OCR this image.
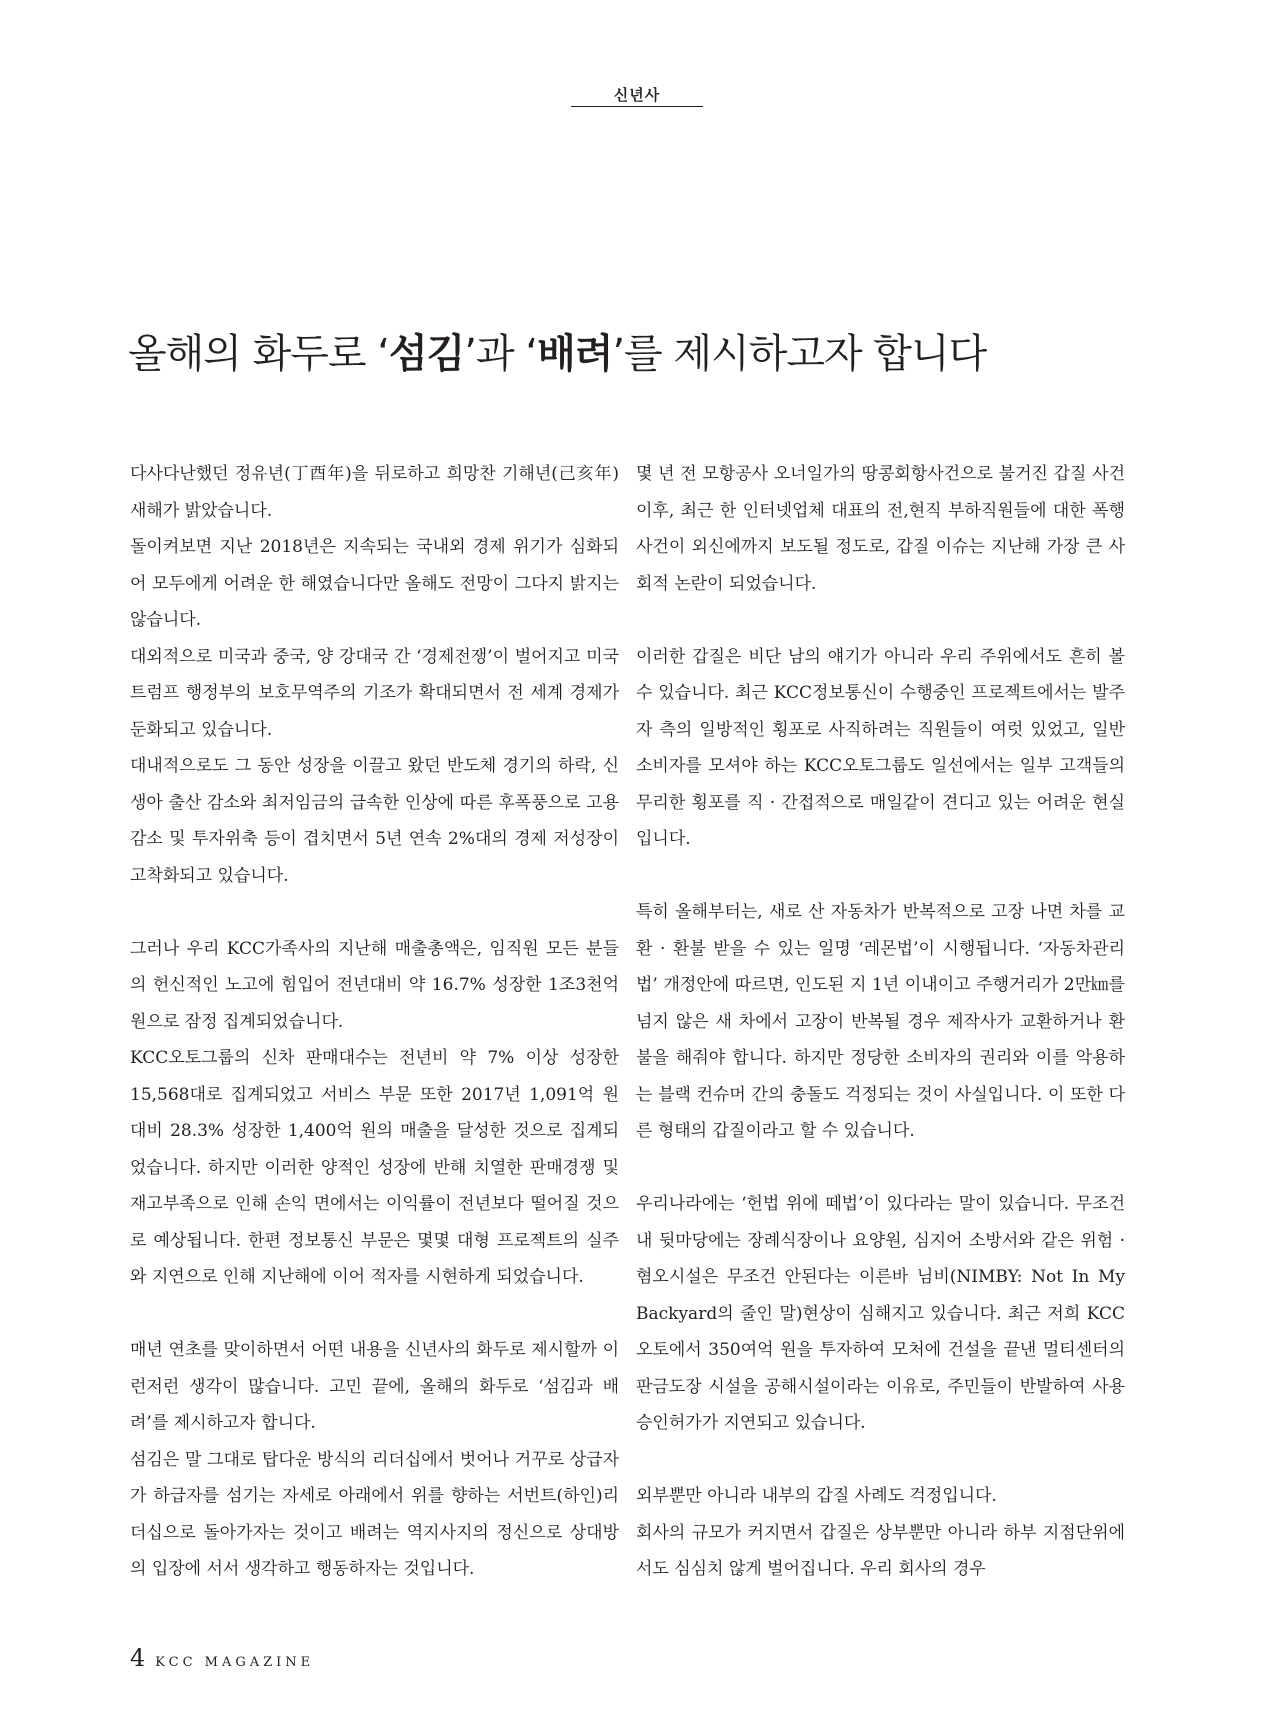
신년사
올해의 화두로 ‘섬김’과 ‘배려’를 제시하고자 합니다

다사다난했던 정유년(丁酉年)을 뒤로하고 희망찬 기해년(己亥年) 새해가 밝았습니다.

돌이켜보면 지난 2018년은 지속되는 국내외 경제 위기가 심화되어 모두에게 어려운 한 해였습니다만 올해도 전망이 그다지 밝지는 않습니다.

대외적으로 미국과 중국, 양 강대국 간 ‘경제전쟁’이 벌어지고 미국 트럼프 행정부의 보호무역주의 기조가 확대되면서 전 세계 경제가 둔화되고 있습니다.

대내적으로도 그 동안 성장을 이끌고 왔던 반도체 경기의 하락, 신생아 출산 감소와 최저임금의 급속한 인상에 따른 후폭풍으로 고용감소 및 투자위축 등이 겹치면서 5년 연속 2%대의 경제 저성장이 고착화되고 있습니다.

그러나 우리 KCC가족사의 지난해 매출총액은, 임직원 모든 분들의 헌신적인 노고에 힘입어 전년대비 약 16.7% 성장한 1조3천억원으로 잠정 집계되었습니다.

KCC오토그룹의 신차 판매대수는 전년비 약 7% 이상 성장한 15,568대로 집계되었고 서비스 부문 또한 2017년 1,091억 원 대비 28.3% 성장한 1,400억 원의 매출을 달성한 것으로 집계되었습니다. 하지만 이러한 양적인 성장에 반해 치열한 판매경쟁 및 재고부족으로 인해 손익 면에서는 이익률이 전년보다 떨어질 것으로 예상됩니다. 한편 정보통신 부문은 몇몇 대형 프로젝트의 실주와 지연으로 인해 지난해에 이어 적자를 시현하게 되었습니다.

매년 연초를 맞이하면서 어떤 내용을 신년사의 화두로 제시할까 이런저런 생각이 많습니다. 고민 끝에, 올해의 화두로 ‘섬김과 배려’를 제시하고자 합니다.

섬김은 말 그대로 탑다운 방식의 리더십에서 벗어나 거꾸로 상급자가 하급자를 섬기는 자세로 아래에서 위를 향하는 서번트(하인)리더십으로 돌아가자는 것이고 배려는 역지사지의 정신으로 상대방의 입장에 서서 생각하고 행동하자는 것입니다.

몇 년 전 모항공사 오너일가의 땅콩회항사건으로 불거진 갑질 사건 이후, 최근 한 인터넷업체 대표의 전,현직 부하직원들에 대한 폭행 사건이 외신에까지 보도될 정도로, 갑질 이슈는 지난해 가장 큰 사회적 논란이 되었습니다.

이러한 갑질은 비단 남의 얘기가 아니라 우리 주위에서도 흔히 볼 수 있습니다. 최근 KCC정보통신이 수행중인 프로젝트에서는 발주자 측의 일방적인 횡포로 사직하려는 직원들이 여럿 있었고, 일반 소비자를 모셔야 하는 KCC오토그룹도 일선에서는 일부 고객들의 무리한 횡포를 직 · 간접적으로 매일같이 견디고 있는 어려운 현실입니다.

특히 올해부터는, 새로 산 자동차가 반복적으로 고장 나면 차를 교환 · 환불 받을 수 있는 일명 ‘레몬법’이 시행됩니다. ‘자동차관리법’ 개정안에 따르면, 인도된 지 1년 이내이고 주행거리가 2만㎞를 넘지 않은 새 차에서 고장이 반복될 경우 제작사가 교환하거나 환불을 해줘야 합니다. 하지만 정당한 소비자의 권리와 이를 악용하는 블랙 컨슈머 간의 충돌도 걱정되는 것이 사실입니다. 이 또한 다른 형태의 갑질이라고 할 수 있습니다.

우리나라에는 ‘헌법 위에 떼법’이 있다라는 말이 있습니다. 무조건 내 뒷마당에는 장례식장이나 요양원, 심지어 소방서와 같은 위험 · 혐오시설은 무조건 안된다는 이른바 님비(NIMBY: Not In My Backyard의 줄인 말)현상이 심해지고 있습니다. 최근 저희 KCC오토에서 350여억 원을 투자하여 모처에 건설을 끝낸 멀티센터의 판금도장 시설을 공해시설이라는 이유로, 주민들이 반발하여 사용승인허가가 지연되고 있습니다.

외부뿐만 아니라 내부의 갑질 사례도 걱정입니다.

회사의 규모가 커지면서 갑질은 상부뿐만 아니라 하부 지점단위에서도 심심치 않게 벌어집니다. 우리 회사의 경우

4 KCC MAGAZINE
